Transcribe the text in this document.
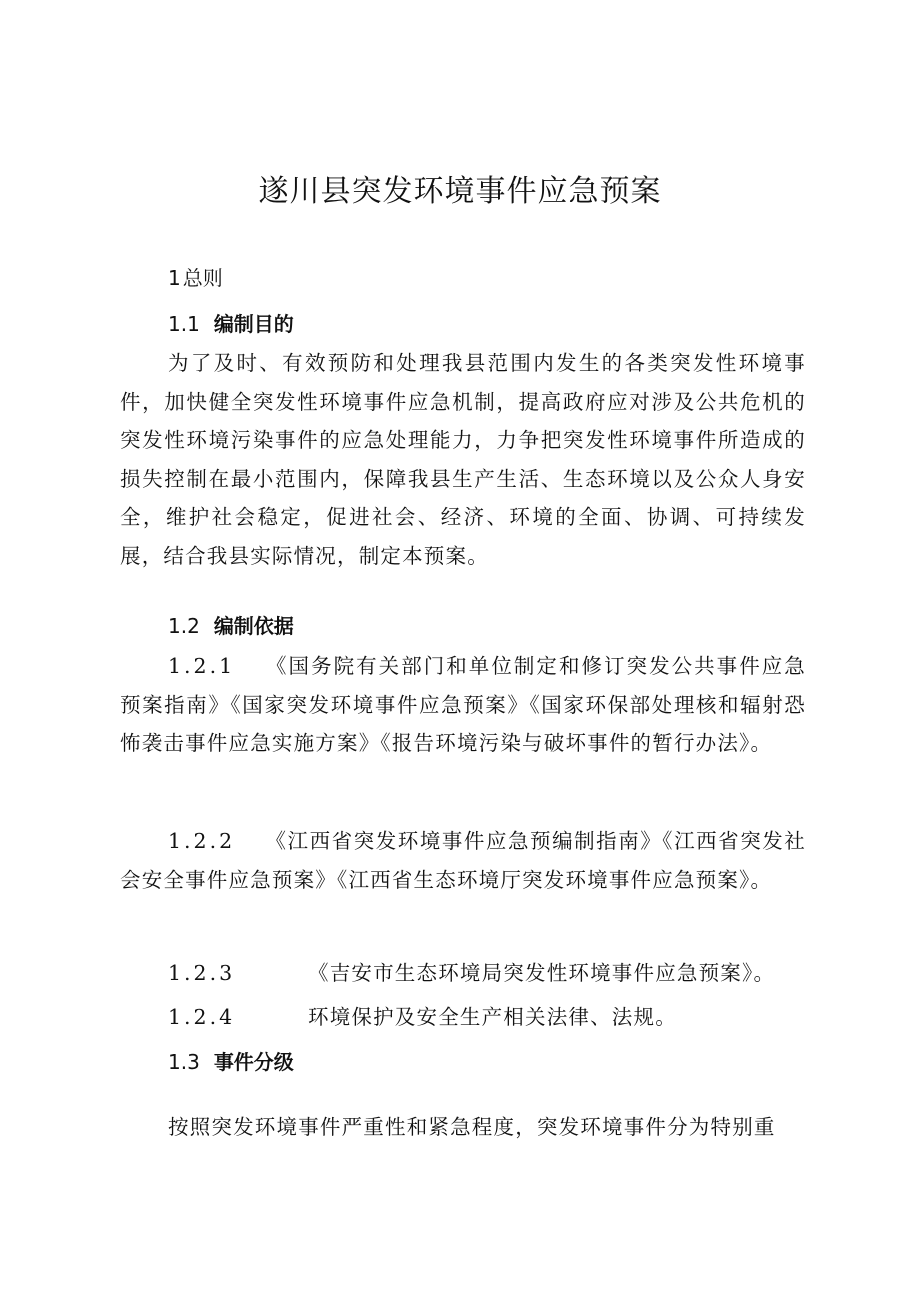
遂川县突发环境事件应急预案
1 总则
1.1 编制目的

为了及时、有效预防和处理我县范围内发生的各类突发性环境事件，加快健全突发性环境事件应急机制，提高政府应对涉及公共危机的突发性环境污染事件的应急处理能力，力争把突发性环境事件所造成的损失控制在最小范围内，保障我县生产生活、生态环境以及公众人身安全，维护社会稳定，促进社会、经济、环境的全面、协调、可持续发展，结合我县实际情况，制定本预案。

1.2 编制依据

1.2.1 《国务院有关部门和单位制定和修订突发公共事件应急预案指南》《国家突发环境事件应急预案》《国家环保部处理核和辐射恐怖袭击事件应急实施方案》《报告环境污染与破坏事件的暂行办法》。

1.2.2 《江西省突发环境事件应急预编制指南》《江西省突发社会安全事件应急预案》《江西省生态环境厅突发环境事件应急预案》。

1.2.3	《吉安市生态环境局突发性环境事件应急预案》。

1.2.4	环境保护及安全生产相关法律、法规。

1.3 事件分级

按照突发环境事件严重性和紧急程度，突发环境事件分为特别重
